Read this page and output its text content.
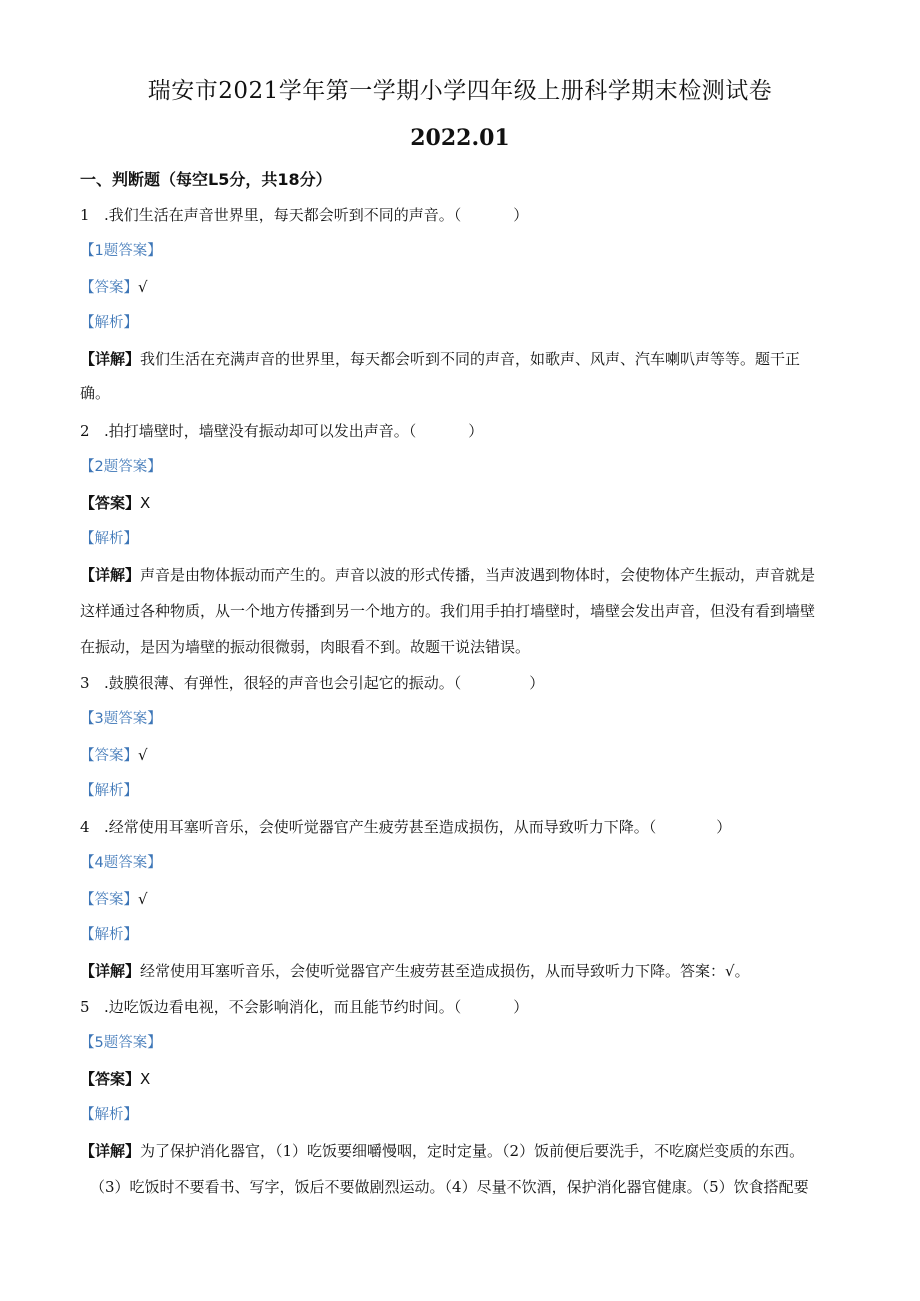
瑞安市2021学年第一学期小学四年级上册科学期末检测试卷
2022.01
一、判断题（每空L5分，共18分）
1 .我们生活在声音世界里，每天都会听到不同的声音。（	）
【1题答案】
【答案】√
【解析】
【详解】我们生活在充满声音的世界里，每天都会听到不同的声音，如歌声、风声、汽车喇叭声等等。题干正
确。
2 .拍打墙壁时，墙壁没有振动却可以发出声音。（	）
【2题答案】
【答案】X
【解析】
【详解】声音是由物体振动而产生的。声音以波的形式传播，当声波遇到物体时，会使物体产生振动，声音就是
这样通过各种物质，从一个地方传播到另一个地方的。我们用手拍打墙壁时，墙壁会发出声音，但没有看到墙壁
在振动，是因为墙壁的振动很微弱，肉眼看不到。故题干说法错误。
3 .鼓膜很薄、有弹性，很轻的声音也会引起它的振动。（	）
【3题答案】
【答案】√
【解析】
4 .经常使用耳塞听音乐，会使听觉器官产生疲劳甚至造成损伤，从而导致听力下降。（	）
【4题答案】
【答案】√
【解析】
【详解】经常使用耳塞听音乐，会使听觉器官产生疲劳甚至造成损伤，从而导致听力下降。答案：√。
5 .边吃饭边看电视，不会影响消化，而且能节约时间。（	）
【5题答案】
【答案】X
【解析】
【详解】为了保护消化器官，（1）吃饭要细嚼慢咽，定时定量。（2）饭前便后要洗手，不吃腐烂变质的东西。
（3）吃饭时不要看书、写字，饭后不要做剧烈运动。（4）尽量不饮酒，保护消化器官健康。（5）饮食搭配要
